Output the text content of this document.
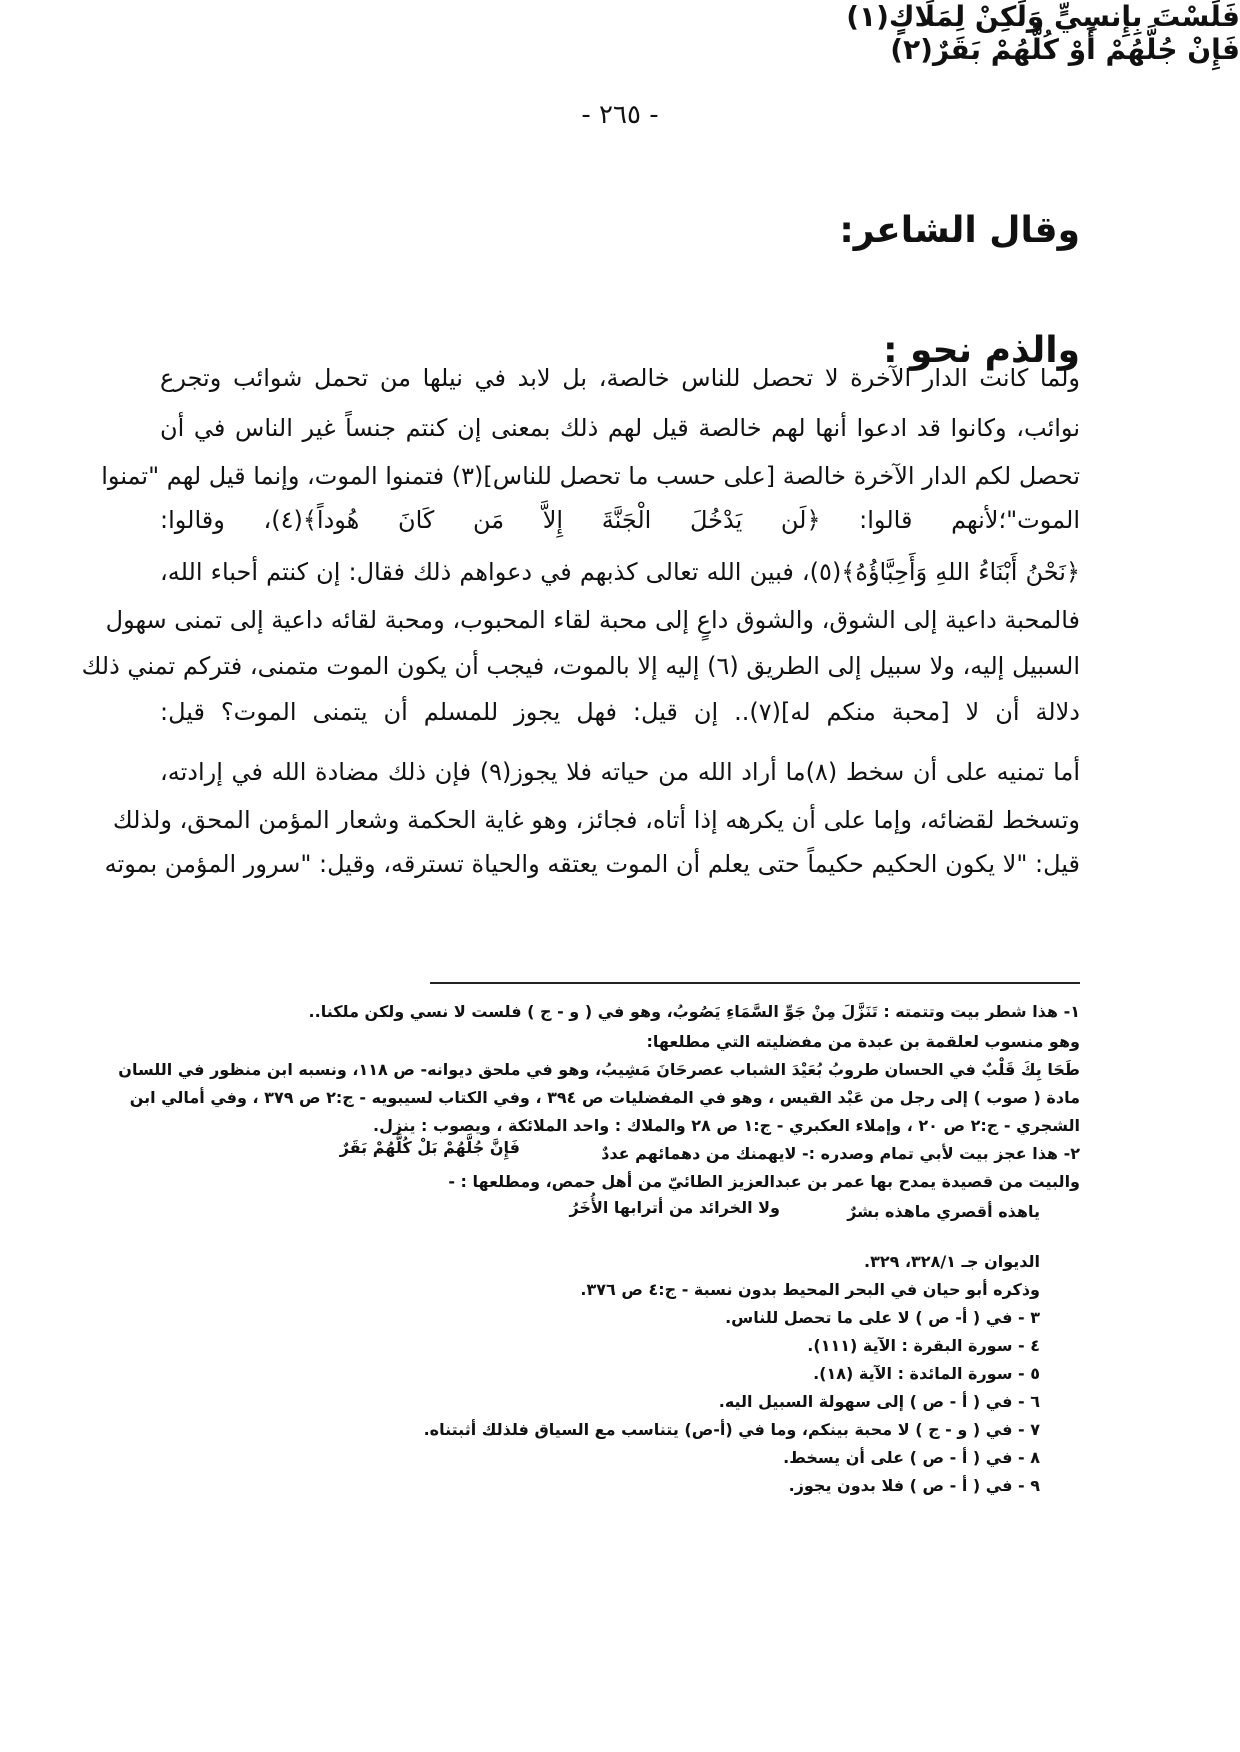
- ٢٦٥ -
وقال الشاعر:
فَلَسْتَ بِإِنسِيٍّ وَلَكِنْ لِمَلَاكٍ(١)
والذم نحو :
فَإِنْ جُلَّهُمْ أَوْ كُلَّهُمْ بَقَرٌ(٢)
ولما كانت الدار الآخرة لا تحصل للناس خالصة، بل لابد في نيلها من تحمل شوائب وتجرع
نوائب، وكانوا قد ادعوا أنها لهم خالصة قيل لهم ذلك بمعنى إن كنتم جنساً غير الناس في أن
تحصل لكم الدار الآخرة خالصة [على حسب ما تحصل للناس](٣) فتمنوا الموت، وإنما قيل لهم "تمنوا
الموت"؛لأنهم قالوا: ﴿لَن يَدْخُلَ الْجَنَّةَ إِلاَّ مَن كَانَ هُوداً﴾(٤)، وقالوا:
﴿نَحْنُ أَبْنَاءُ اللهِ وَأَحِبَّاؤُهُ﴾(٥)، فبين الله تعالى كذبهم في دعواهم ذلك فقال: إن كنتم أحباء الله،
فالمحبة داعية إلى الشوق، والشوق داعٍ إلى محبة لقاء المحبوب، ومحبة لقائه داعية إلى تمنى سهول
السبيل إليه، ولا سبيل إلى الطريق (٦) إليه إلا بالموت، فيجب أن يكون الموت متمنى، فتركم تمني ذلك
دلالة أن لا [محبة منكم له](٧).. إن قيل: فهل يجوز للمسلم أن يتمنى الموت؟ قيل:
أما تمنيه على أن سخط (٨)ما أراد الله من حياته فلا يجوز(٩) فإن ذلك مضادة الله في إرادته،
وتسخط لقضائه، وإما على أن يكرهه إذا أتاه، فجائز، وهو غاية الحكمة وشعار المؤمن المحق، ولذلك
قيل: "لا يكون الحكيم حكيماً حتى يعلم أن الموت يعتقه والحياة تسترقه، وقيل: "سرور المؤمن بموته
١- هذا شطر بيت وتتمته : تَنَزَّلَ مِنْ جَوِّ السَّمَاءِ يَصُوبُ، وهو في ( و - ج ) فلست لا نسي ولكن ملكنا..
وهو منسوب لعلقمة بن عبدة من مفضليته التي مطلعها:
طَحَا بِكَ قَلْبٌ في الحسان طروبُ بُعَيْدَ الشباب عصرحَانَ مَشِيبُ، وهو في ملحق ديوانه- ص ١١٨، ونسبه ابن منظور في اللسان
مادة ( صوب ) إلى رجل من عَبْد القيس ، وهو في المفضليات ص ٣٩٤ ، وفي الكتاب لسيبويه - ج:٢ ص ٣٧٩ ، وفي أمالي ابن
الشجري - ج:٢ ص ٢٠ ، وإملاء العكبري - ج:١ ص ٢٨ والملاك : واحد الملائكة ، ويصوب : ينزل.
٢- هذا عجز بيت لأبي تمام وصدره :- لايهمنك من دهمائهم عددٌ
فَإِنَّ جُلَّهُمْ بَلْ كُلَّهُمْ بَقَرٌ
والبيت من قصيدة يمدح بها عمر بن عبدالعزيز الطائيّ من أهل حمص، ومطلعها : -
ياهذه أقصري ماهذه بشرٌ
ولا الخرائد من أترابها الأُخَرُ
الديوان جـ ٣٢٨/١، ٣٢٩.
وذكره أبو حيان في البحر المحيط بدون نسبة - ج:٤ ص ٣٧٦.
٣ - في ( أ- ص ) لا على ما تحصل للناس.
٤ - سورة البقرة : الآية (١١١).
٥ - سورة المائدة : الآية (١٨).
٦ - في ( أ - ص ) إلى سهولة السبيل اليه.
٧ - في ( و - ج ) لا محبة بينكم، وما في (أ-ص) يتناسب مع السياق فلذلك أثبتناه.
٨ - في ( أ - ص ) على أن يسخط.
٩ - في ( أ - ص ) فلا بدون يجوز.
